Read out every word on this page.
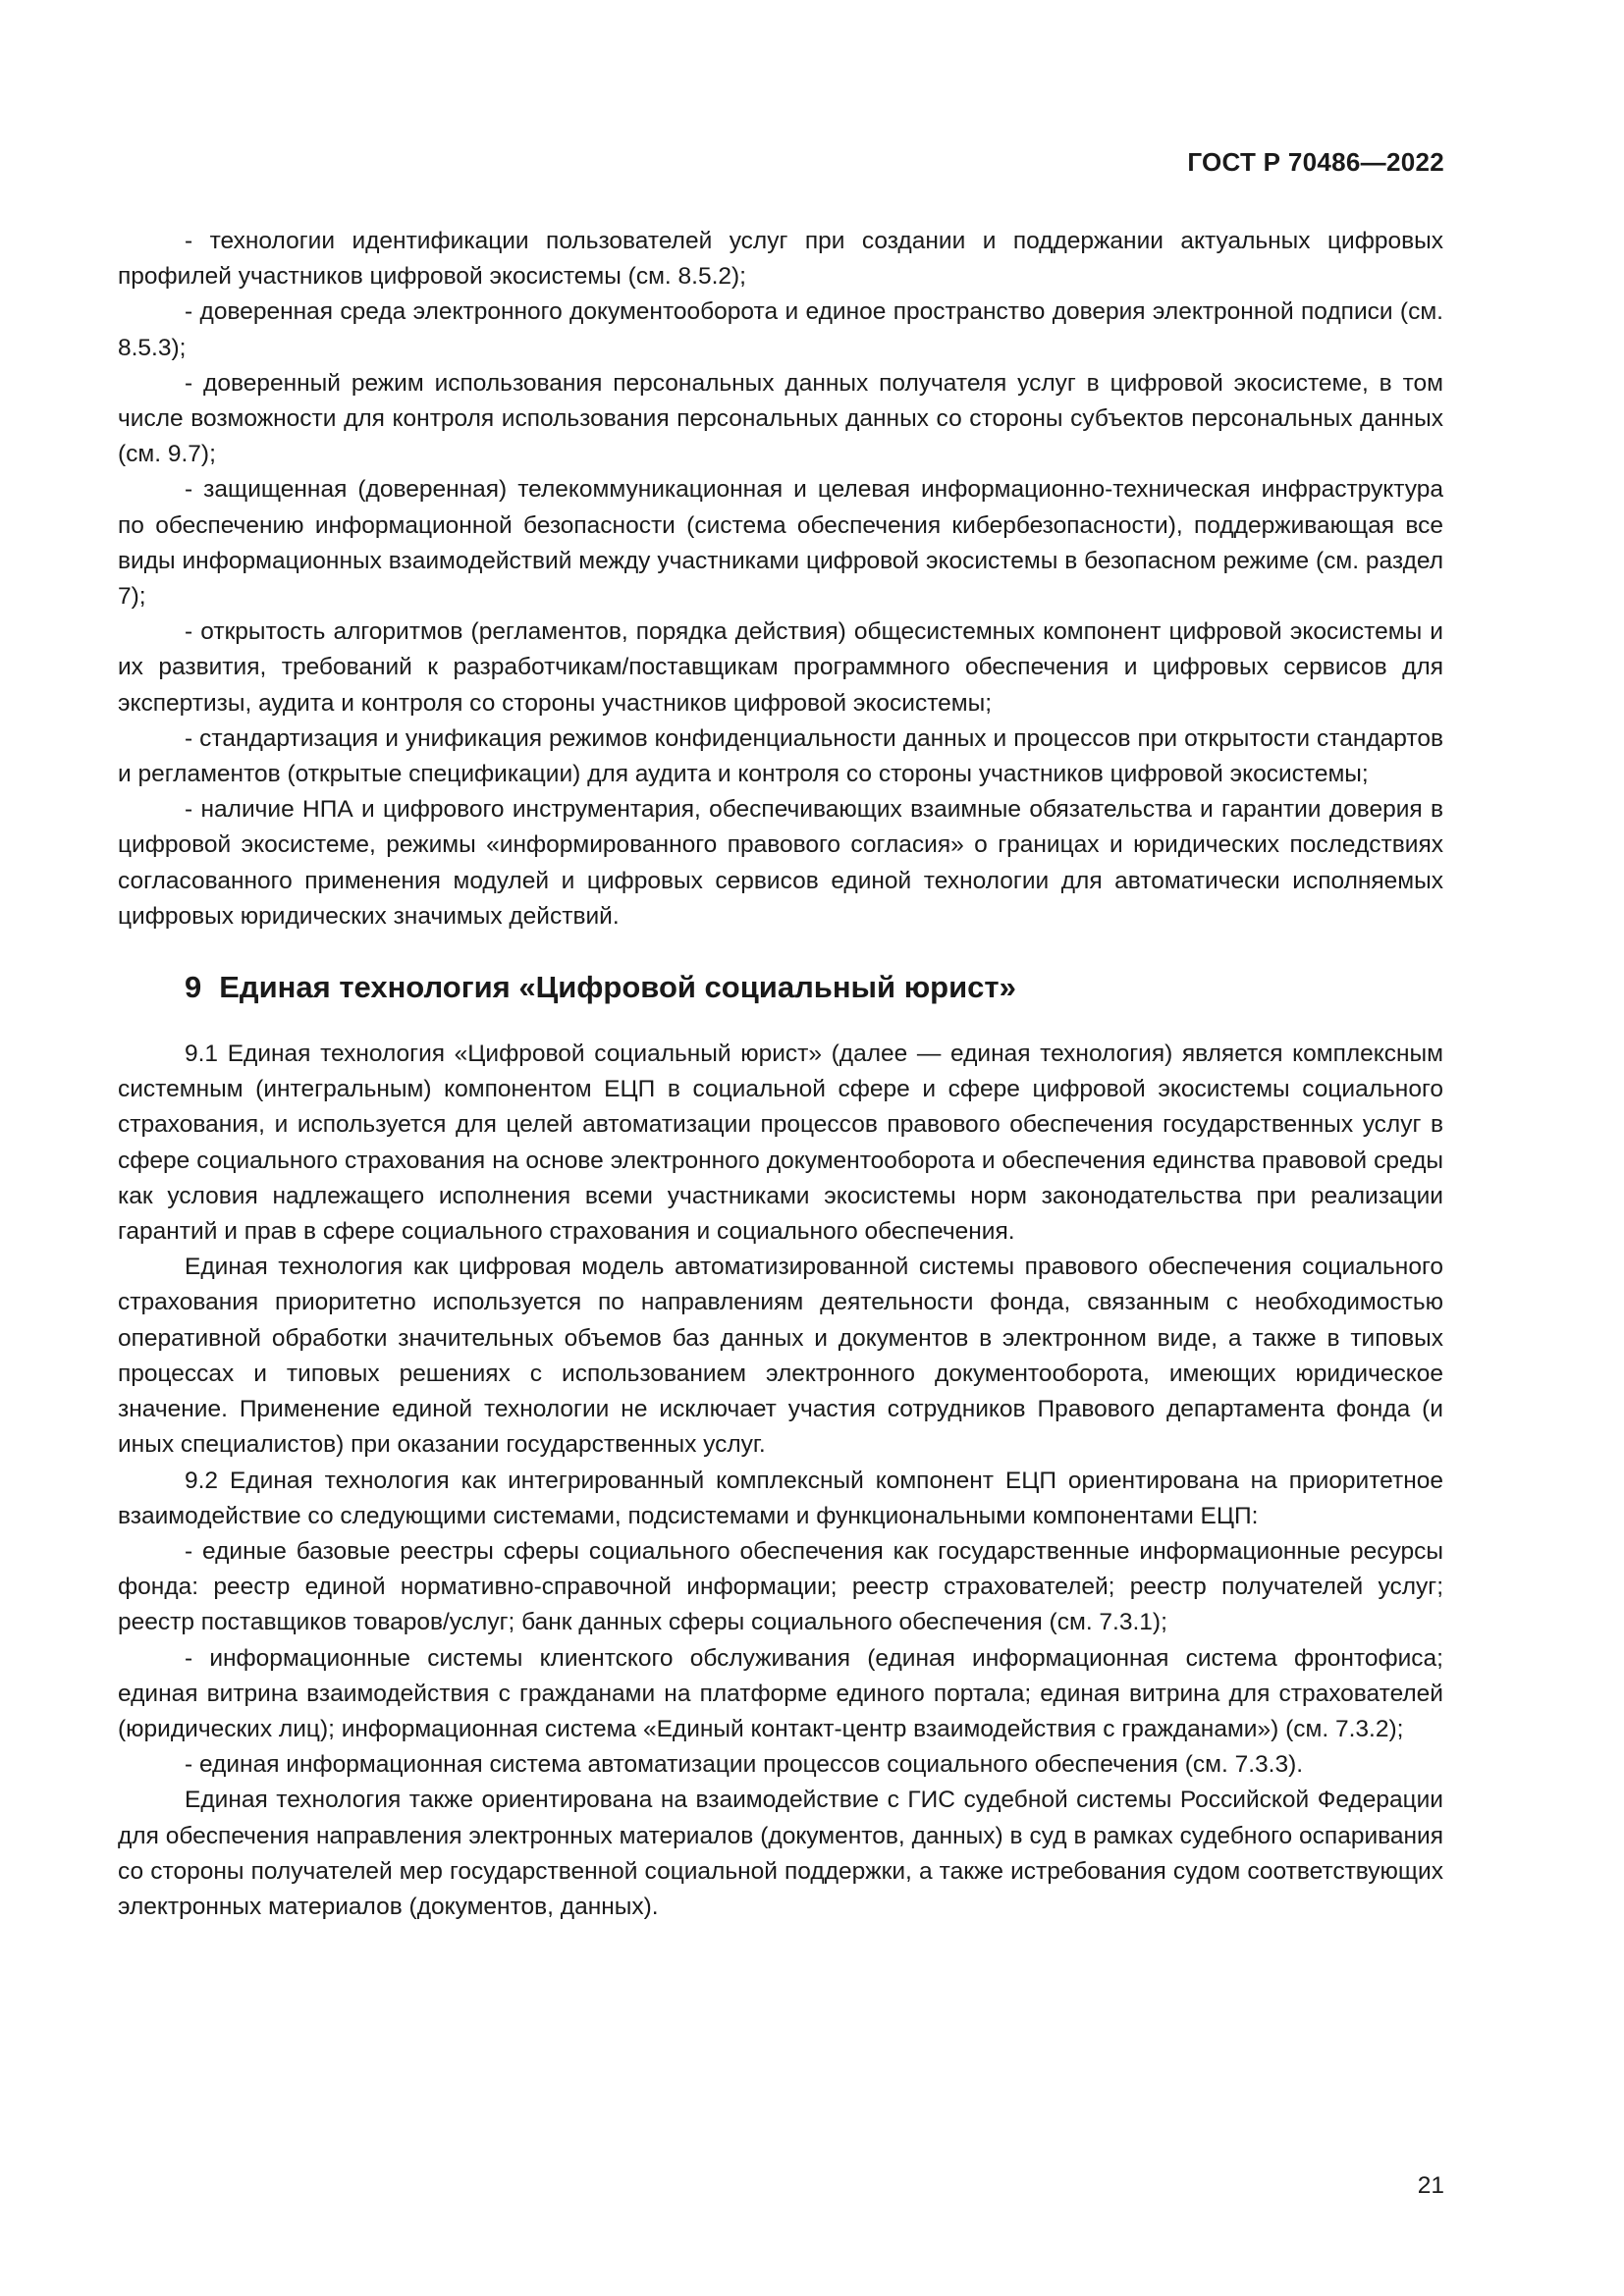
ГОСТ Р 70486—2022

- технологии идентификации пользователей услуг при создании и поддержании актуальных цифровых профилей участников цифровой экосистемы (см. 8.5.2);

- доверенная среда электронного документооборота и единое пространство доверия электронной подписи (см. 8.5.3);

- доверенный режим использования персональных данных получателя услуг в цифровой экосистеме, в том числе возможности для контроля использования персональных данных со стороны субъектов персональных данных (см. 9.7);

- защищенная (доверенная) телекоммуникационная и целевая информационно-техническая инфраструктура по обеспечению информационной безопасности (система обеспечения кибербезопасности), поддерживающая все виды информационных взаимодействий между участниками цифровой экосистемы в безопасном режиме (см. раздел 7);

- открытость алгоритмов (регламентов, порядка действия) общесистемных компонент цифровой экосистемы и их развития, требований к разработчикам/поставщикам программного обеспечения и цифровых сервисов для экспертизы, аудита и контроля со стороны участников цифровой экосистемы;

- стандартизация и унификация режимов конфиденциальности данных и процессов при открытости стандартов и регламентов (открытые спецификации) для аудита и контроля со стороны участников цифровой экосистемы;

- наличие НПА и цифрового инструментария, обеспечивающих взаимные обязательства и гарантии доверия в цифровой экосистеме, режимы «информированного правового согласия» о границах и юридических последствиях согласованного применения модулей и цифровых сервисов единой технологии для автоматически исполняемых цифровых юридических значимых действий.

9 Единая технология «Цифровой социальный юрист»

9.1 Единая технология «Цифровой социальный юрист» (далее — единая технология) является комплексным системным (интегральным) компонентом ЕЦП в социальной сфере и сфере цифровой экосистемы социального страхования, и используется для целей автоматизации процессов правового обеспечения государственных услуг в сфере социального страхования на основе электронного документооборота и обеспечения единства правовой среды как условия надлежащего исполнения всеми участниками экосистемы норм законодательства при реализации гарантий и прав в сфере социального страхования и социального обеспечения.

Единая технология как цифровая модель автоматизированной системы правового обеспечения социального страхования приоритетно используется по направлениям деятельности фонда, связанным с необходимостью оперативной обработки значительных объемов баз данных и документов в электронном виде, а также в типовых процессах и типовых решениях с использованием электронного документооборота, имеющих юридическое значение. Применение единой технологии не исключает участия сотрудников Правового департамента фонда (и иных специалистов) при оказании государственных услуг.

9.2 Единая технология как интегрированный комплексный компонент ЕЦП ориентирована на приоритетное взаимодействие со следующими системами, подсистемами и функциональными компонентами ЕЦП:

- единые базовые реестры сферы социального обеспечения как государственные информационные ресурсы фонда: реестр единой нормативно-справочной информации; реестр страхователей; реестр получателей услуг; реестр поставщиков товаров/услуг; банк данных сферы социального обеспечения (см. 7.3.1);

- информационные системы клиентского обслуживания (единая информационная система фронтофиса; единая витрина взаимодействия с гражданами на платформе единого портала; единая витрина для страхователей (юридических лиц); информационная система «Единый контакт-центр взаимодействия с гражданами») (см. 7.3.2);

- единая информационная система автоматизации процессов социального обеспечения (см. 7.3.3).

Единая технология также ориентирована на взаимодействие с ГИС судебной системы Российской Федерации для обеспечения направления электронных материалов (документов, данных) в суд в рамках судебного оспаривания со стороны получателей мер государственной социальной поддержки, а также истребования судом соответствующих электронных материалов (документов, данных).

21
